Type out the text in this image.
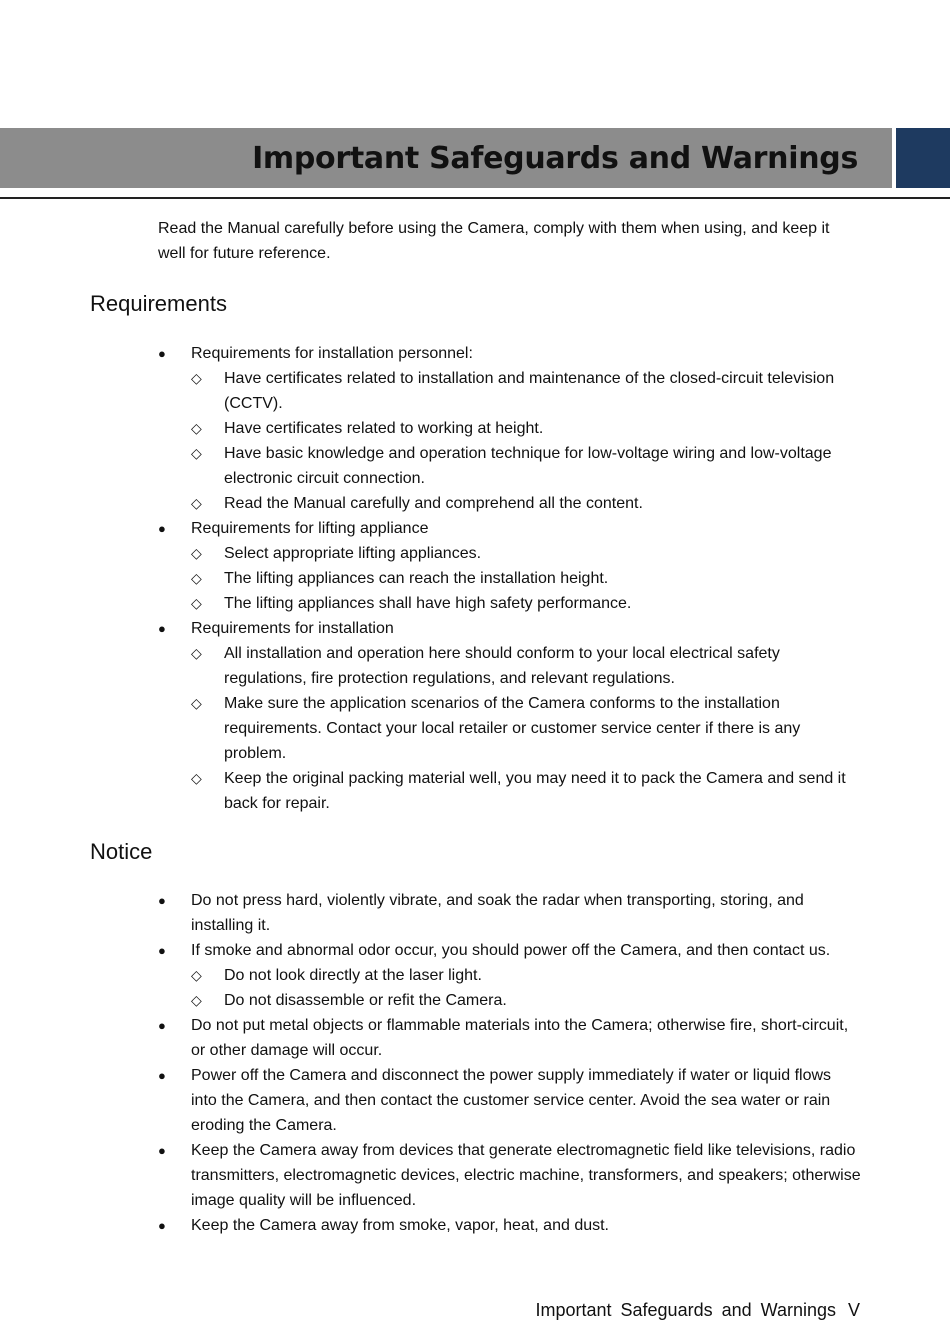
Important Safeguards and Warnings

Read the Manual carefully before using the Camera, comply with them when using, and keep it well for future reference.

Requirements
● Requirements for installation personnel:
◇ Have certificates related to installation and maintenance of the closed-circuit television (CCTV).
◇ Have certificates related to working at height.
◇ Have basic knowledge and operation technique for low-voltage wiring and low-voltage electronic circuit connection.
◇ Read the Manual carefully and comprehend all the content.
● Requirements for lifting appliance
◇ Select appropriate lifting appliances.
◇ The lifting appliances can reach the installation height.
◇ The lifting appliances shall have high safety performance.
● Requirements for installation
◇ All installation and operation here should conform to your local electrical safety regulations, fire protection regulations, and relevant regulations.
◇ Make sure the application scenarios of the Camera conforms to the installation requirements. Contact your local retailer or customer service center if there is any problem.
◇ Keep the original packing material well, you may need it to pack the Camera and send it back for repair.
Notice
● Do not press hard, violently vibrate, and soak the radar when transporting, storing, and installing it.
● If smoke and abnormal odor occur, you should power off the Camera, and then contact us.
◇ Do not look directly at the laser light.
◇ Do not disassemble or refit the Camera.
● Do not put metal objects or flammable materials into the Camera; otherwise fire, short-circuit, or other damage will occur.
● Power off the Camera and disconnect the power supply immediately if water or liquid flows into the Camera, and then contact the customer service center. Avoid the sea water or rain eroding the Camera.
● Keep the Camera away from devices that generate electromagnetic field like televisions, radio transmitters, electromagnetic devices, electric machine, transformers, and speakers; otherwise image quality will be influenced.
● Keep the Camera away from smoke, vapor, heat, and dust.
Important Safeguards and Warnings V
